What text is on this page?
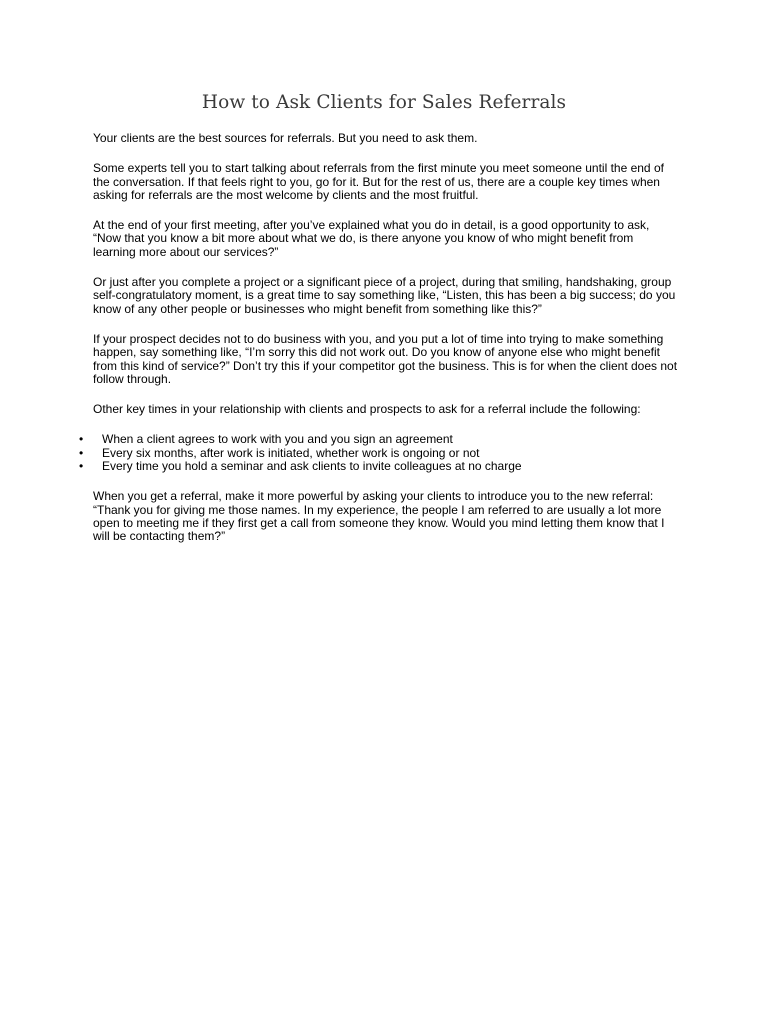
How to Ask Clients for Sales Referrals

Your clients are the best sources for referrals. But you need to ask them.

Some experts tell you to start talking about referrals from the first minute you meet someone until the end of the conversation. If that feels right to you, go for it. But for the rest of us, there are a couple key times when asking for referrals are the most welcome by clients and the most fruitful.

At the end of your first meeting, after you’ve explained what you do in detail, is a good opportunity to ask, “Now that you know a bit more about what we do, is there anyone you know of who might benefit from learning more about our services?”

Or just after you complete a project or a significant piece of a project, during that smiling, handshaking, group self-congratulatory moment, is a great time to say something like, “Listen, this has been a big success; do you know of any other people or businesses who might benefit from something like this?”

If your prospect decides not to do business with you, and you put a lot of time into trying to make something happen, say something like, “I’m sorry this did not work out. Do you know of anyone else who might benefit from this kind of service?” Don’t try this if your competitor got the business. This is for when the client does not follow through.

Other key times in your relationship with clients and prospects to ask for a referral include the following:

•	When a client agrees to work with you and you sign an agreement
•	Every six months, after work is initiated, whether work is ongoing or not
•	Every time you hold a seminar and ask clients to invite colleagues at no charge

When you get a referral, make it more powerful by asking your clients to introduce you to the new referral: “Thank you for giving me those names. In my experience, the people I am referred to are usually a lot more open to meeting me if they first get a call from someone they know. Would you mind letting them know that I will be contacting them?”
